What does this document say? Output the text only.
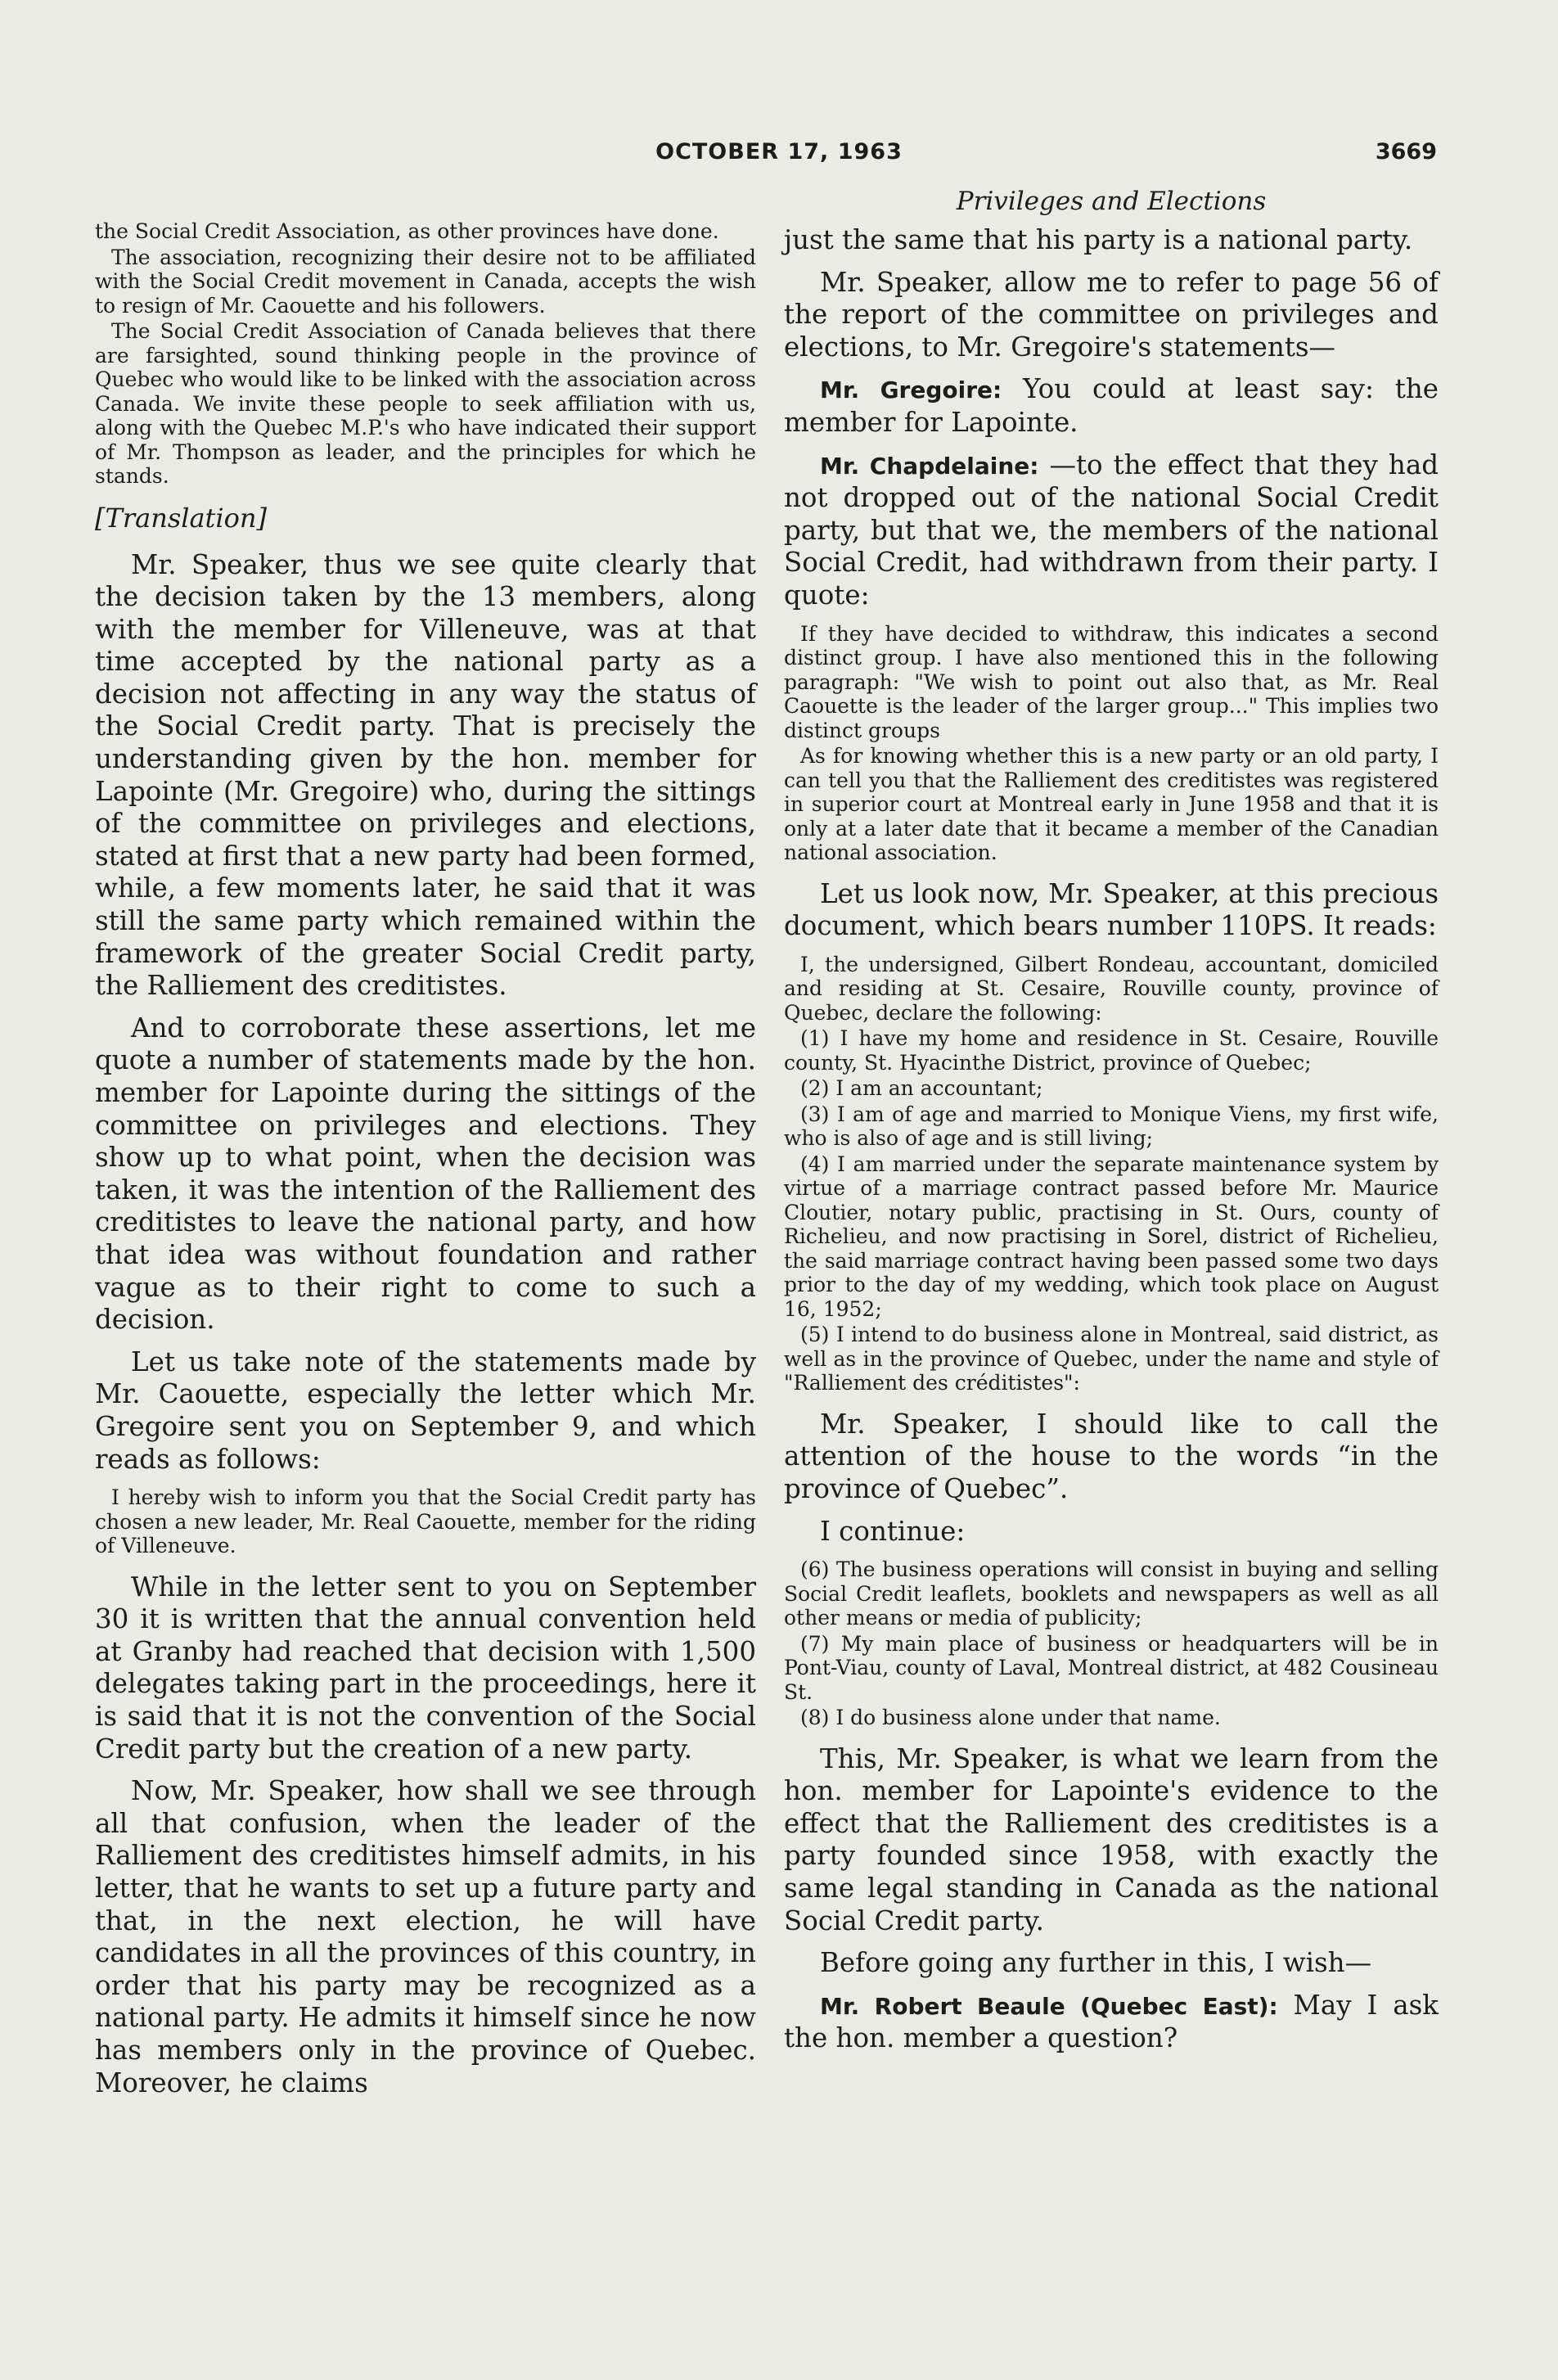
OCTOBER 17, 1963	3669

the Social Credit Association, as other provinces have done.

The association, recognizing their desire not to be affiliated with the Social Credit movement in Canada, accepts the wish to resign of Mr. Caouette and his followers.

The Social Credit Association of Canada believes that there are farsighted, sound thinking people in the province of Quebec who would like to be linked with the association across Canada. We invite these people to seek affiliation with us, along with the Quebec M.P.'s who have indicated their support of Mr. Thompson as leader, and the principles for which he stands.

[Translation]

Mr. Speaker, thus we see quite clearly that the decision taken by the 13 members, along with the member for Villeneuve, was at that time accepted by the national party as a decision not affecting in any way the status of the Social Credit party. That is precisely the understanding given by the hon. member for Lapointe (Mr. Gregoire) who, during the sittings of the committee on privileges and elections, stated at first that a new party had been formed, while, a few moments later, he said that it was still the same party which remained within the framework of the greater Social Credit party, the Ralliement des creditistes.

And to corroborate these assertions, let me quote a number of statements made by the hon. member for Lapointe during the sittings of the committee on privileges and elections. They show up to what point, when the decision was taken, it was the intention of the Ralliement des creditistes to leave the national party, and how that idea was without foundation and rather vague as to their right to come to such a decision.

Let us take note of the statements made by Mr. Caouette, especially the letter which Mr. Gregoire sent you on September 9, and which reads as follows:

I hereby wish to inform you that the Social Credit party has chosen a new leader, Mr. Real Caouette, member for the riding of Villeneuve.

While in the letter sent to you on September 30 it is written that the annual convention held at Granby had reached that decision with 1,500 delegates taking part in the proceedings, here it is said that it is not the convention of the Social Credit party but the creation of a new party.

Now, Mr. Speaker, how shall we see through all that confusion, when the leader of the Ralliement des creditistes himself admits, in his letter, that he wants to set up a future party and that, in the next election, he will have candidates in all the provinces of this country, in order that his party may be recognized as a national party. He admits it himself since he now has members only in the province of Quebec. Moreover, he claims

Privileges and Elections

just the same that his party is a national party.

Mr. Speaker, allow me to refer to page 56 of the report of the committee on privileges and elections, to Mr. Gregoire's statements—

Mr. Gregoire: You could at least say: the member for Lapointe.

Mr. Chapdelaine: —to the effect that they had not dropped out of the national Social Credit party, but that we, the members of the national Social Credit, had withdrawn from their party. I quote:

If they have decided to withdraw, this indicates a second distinct group. I have also mentioned this in the following paragraph: "We wish to point out also that, as Mr. Real Caouette is the leader of the larger group..." This implies two distinct groups

As for knowing whether this is a new party or an old party, I can tell you that the Ralliement des creditistes was registered in superior court at Montreal early in June 1958 and that it is only at a later date that it became a member of the Canadian national association.

Let us look now, Mr. Speaker, at this precious document, which bears number 110PS. It reads:

I, the undersigned, Gilbert Rondeau, accountant, domiciled and residing at St. Cesaire, Rouville county, province of Quebec, declare the following:

(1) I have my home and residence in St. Cesaire, Rouville county, St. Hyacinthe District, province of Quebec;

(2) I am an accountant;

(3) I am of age and married to Monique Viens, my first wife, who is also of age and is still living;

(4) I am married under the separate maintenance system by virtue of a marriage contract passed before Mr. Maurice Cloutier, notary public, practising in St. Ours, county of Richelieu, and now practising in Sorel, district of Richelieu, the said marriage contract having been passed some two days prior to the day of my wedding, which took place on August 16, 1952;

(5) I intend to do business alone in Montreal, said district, as well as in the province of Quebec, under the name and style of "Ralliement des créditistes":

Mr. Speaker, I should like to call the attention of the house to the words “in the province of Quebec”.

I continue:

(6) The business operations will consist in buying and selling Social Credit leaflets, booklets and newspapers as well as all other means or media of publicity;

(7) My main place of business or headquarters will be in Pont-Viau, county of Laval, Montreal district, at 482 Cousineau St.

(8) I do business alone under that name.

This, Mr. Speaker, is what we learn from the hon. member for Lapointe's evidence to the effect that the Ralliement des creditistes is a party founded since 1958, with exactly the same legal standing in Canada as the national Social Credit party.

Before going any further in this, I wish—

Mr. Robert Beaule (Quebec East): May I ask the hon. member a question?
